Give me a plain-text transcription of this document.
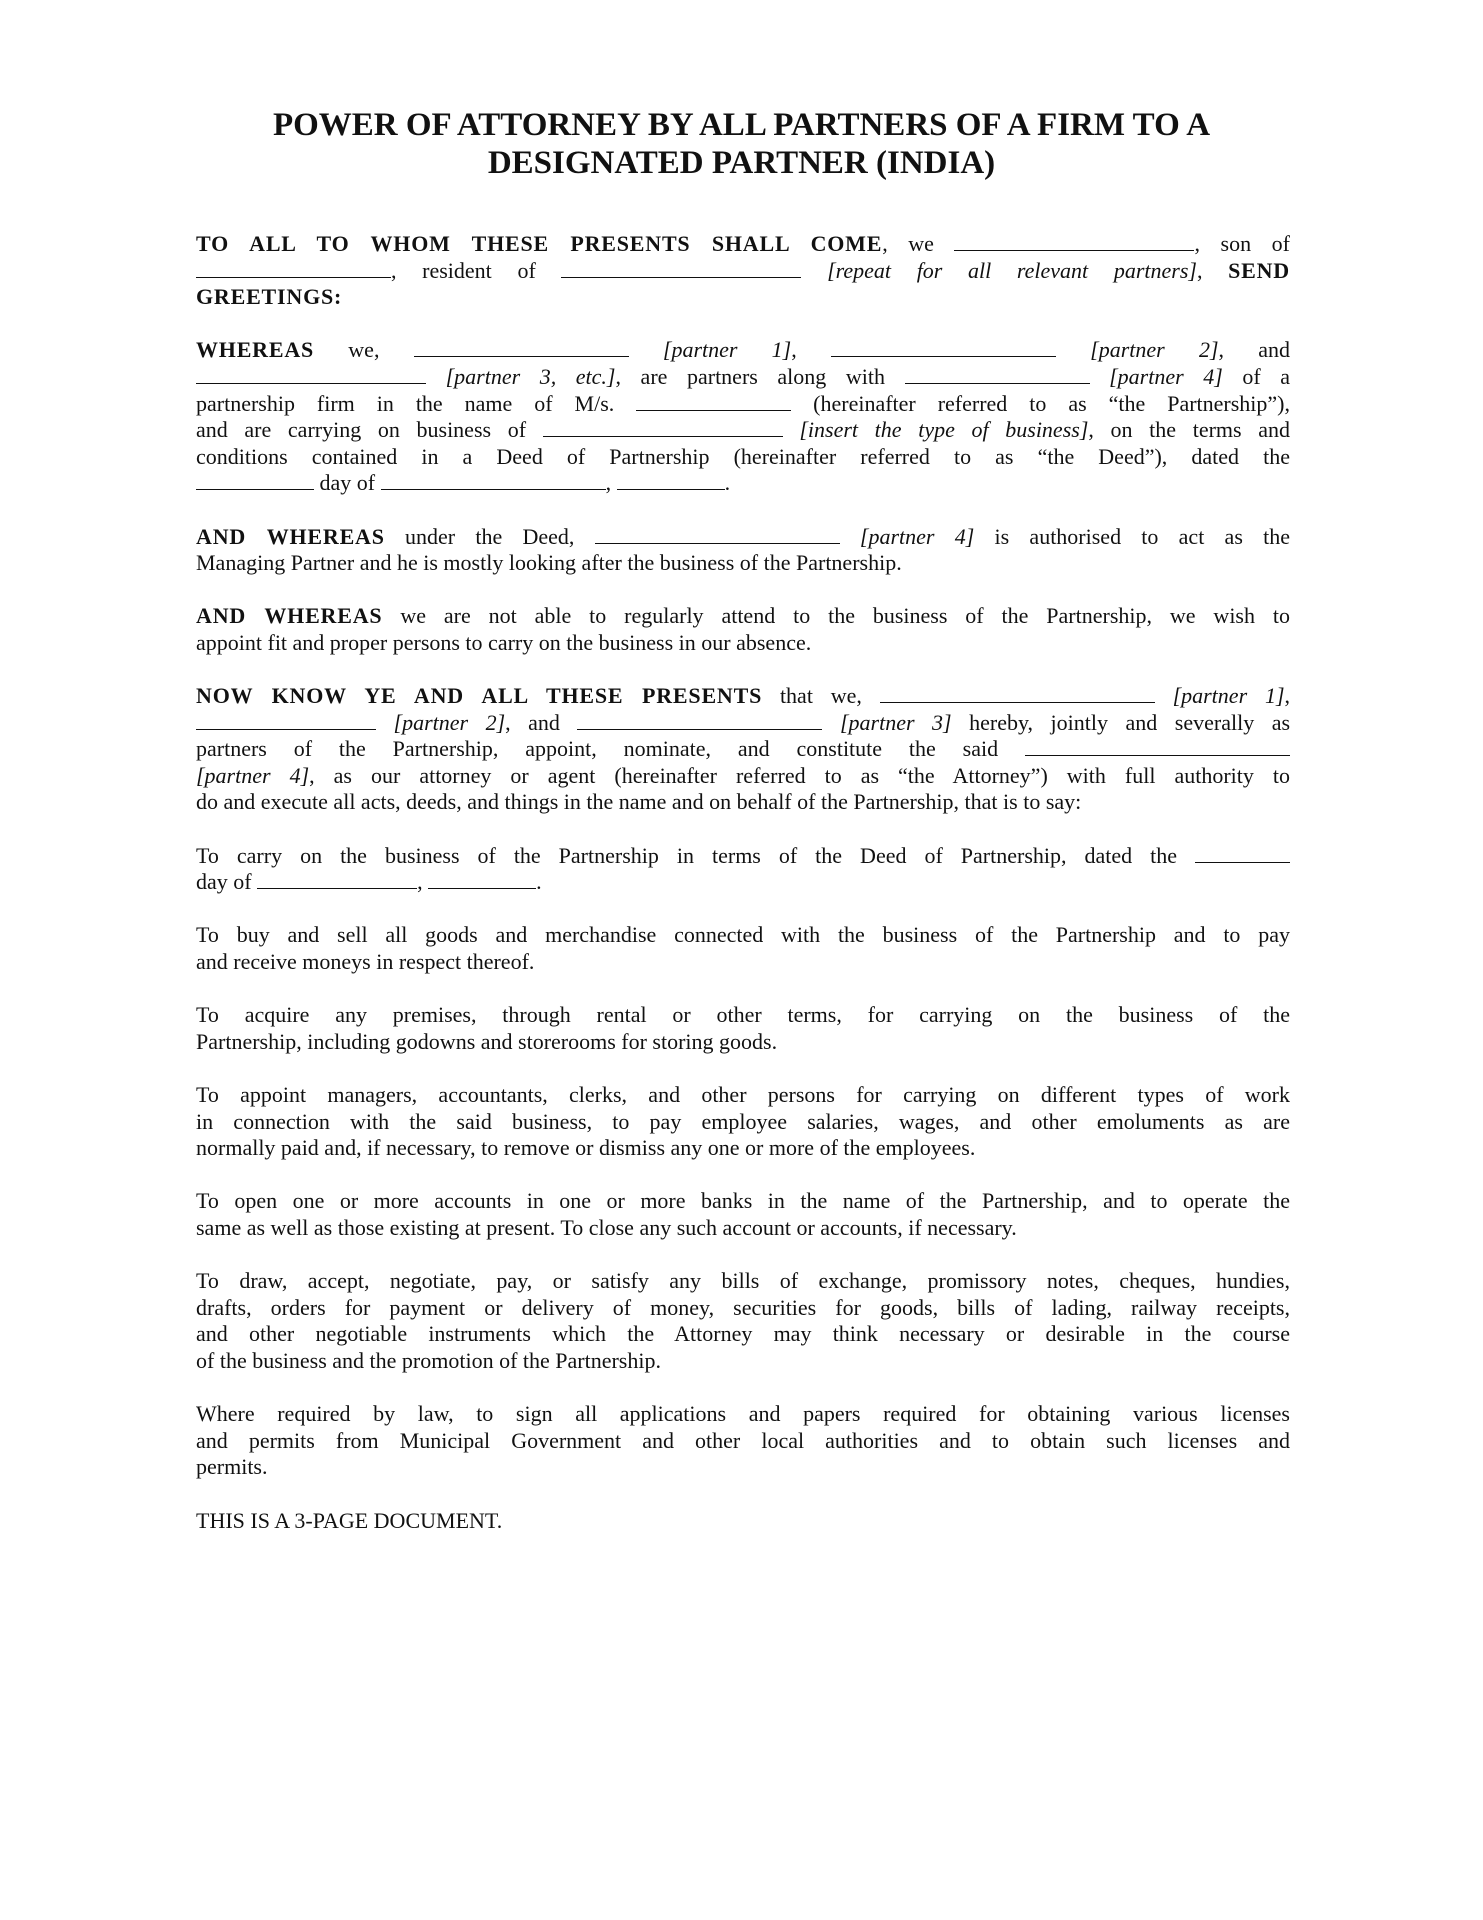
POWER OF ATTORNEY BY ALL PARTNERS OF A FIRM TO A
DESIGNATED PARTNER (INDIA)

TO ALL TO WHOM THESE PRESENTS SHALL COME, we	, son of
, resident of	[repeat for all relevant partners], SEND
GREETINGS:

WHEREAS we,	[partner 1],	[partner 2], and
[partner 3, etc.], are partners along with	[partner 4] of a
partnership firm in the name of M/s.	(hereinafter referred to as “the Partnership”),
and are carrying on business of	[insert the type of business], on the terms and
conditions contained in a Deed of Partnership (hereinafter referred to as “the Deed”), dated the
day of	,	.

AND WHEREAS under the Deed,	[partner 4] is authorised to act as the
Managing Partner and he is mostly looking after the business of the Partnership.

AND WHEREAS we are not able to regularly attend to the business of the Partnership, we wish to
appoint fit and proper persons to carry on the business in our absence.

NOW KNOW YE AND ALL THESE PRESENTS that we,	[partner 1],
[partner 2], and	[partner 3] hereby, jointly and severally as
partners of the Partnership, appoint, nominate, and constitute the said
[partner 4], as our attorney or agent (hereinafter referred to as “the Attorney”) with full authority to
do and execute all acts, deeds, and things in the name and on behalf of the Partnership, that is to say:

To carry on the business of the Partnership in terms of the Deed of Partnership, dated the
day of	,	.

To buy and sell all goods and merchandise connected with the business of the Partnership and to pay
and receive moneys in respect thereof.

To acquire any premises, through rental or other terms, for carrying on the business of the
Partnership, including godowns and storerooms for storing goods.

To appoint managers, accountants, clerks, and other persons for carrying on different types of work
in connection with the said business, to pay employee salaries, wages, and other emoluments as are
normally paid and, if necessary, to remove or dismiss any one or more of the employees.

To open one or more accounts in one or more banks in the name of the Partnership, and to operate the
same as well as those existing at present. To close any such account or accounts, if necessary.

To draw, accept, negotiate, pay, or satisfy any bills of exchange, promissory notes, cheques, hundies,
drafts, orders for payment or delivery of money, securities for goods, bills of lading, railway receipts,
and other negotiable instruments which the Attorney may think necessary or desirable in the course
of the business and the promotion of the Partnership.

Where required by law, to sign all applications and papers required for obtaining various licenses
and permits from Municipal Government and other local authorities and to obtain such licenses and
permits.

THIS IS A 3-PAGE DOCUMENT.
